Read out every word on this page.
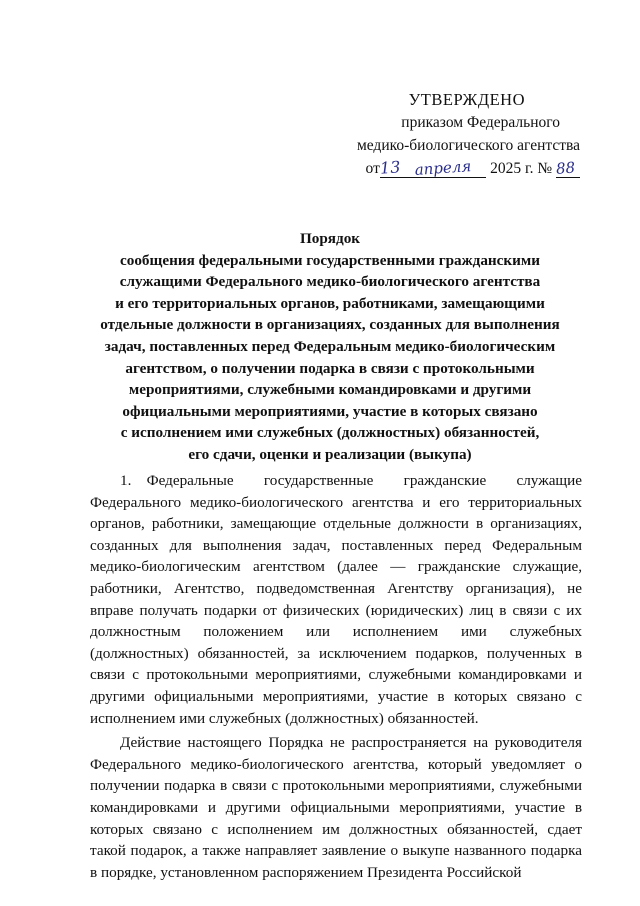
УТВЕРЖДЕНО
приказом Федерального
медико-биологического агентства
от13 апреля 2025 г. № 88
Порядок
сообщения федеральными государственными гражданскими
служащими Федерального медико-биологического агентства
и его территориальных органов, работниками, замещающими
отдельные должности в организациях, созданных для выполнения
задач, поставленных перед Федеральным медико-биологическим
агентством, о получении подарка в связи с протокольными
мероприятиями, служебными командировками и другими
официальными мероприятиями, участие в которых связано
с исполнением ими служебных (должностных) обязанностей,
его сдачи, оценки и реализации (выкупа)

1. Федеральные государственные гражданские служащие Федерального медико-биологического агентства и его территориальных органов, работники, замещающие отдельные должности в организациях, созданных для выполнения задач, поставленных перед Федеральным медико-биологическим агентством (далее — гражданские служащие, работники, Агентство, подведомственная Агентству организация), не вправе получать подарки от физических (юридических) лиц в связи с их должностным положением или исполнением ими служебных (должностных) обязанностей, за исключением подарков, полученных в связи с протокольными мероприятиями, служебными командировками и другими официальными мероприятиями, участие в которых связано с исполнением ими служебных (должностных) обязанностей.

Действие настоящего Порядка не распространяется на руководителя Федерального медико-биологического агентства, который уведомляет о получении подарка в связи с протокольными мероприятиями, служебными командировками и другими официальными мероприятиями, участие в которых связано с исполнением им должностных обязанностей, сдает такой подарок, а также направляет заявление о выкупе названного подарка в порядке, установленном распоряжением Президента Российской
